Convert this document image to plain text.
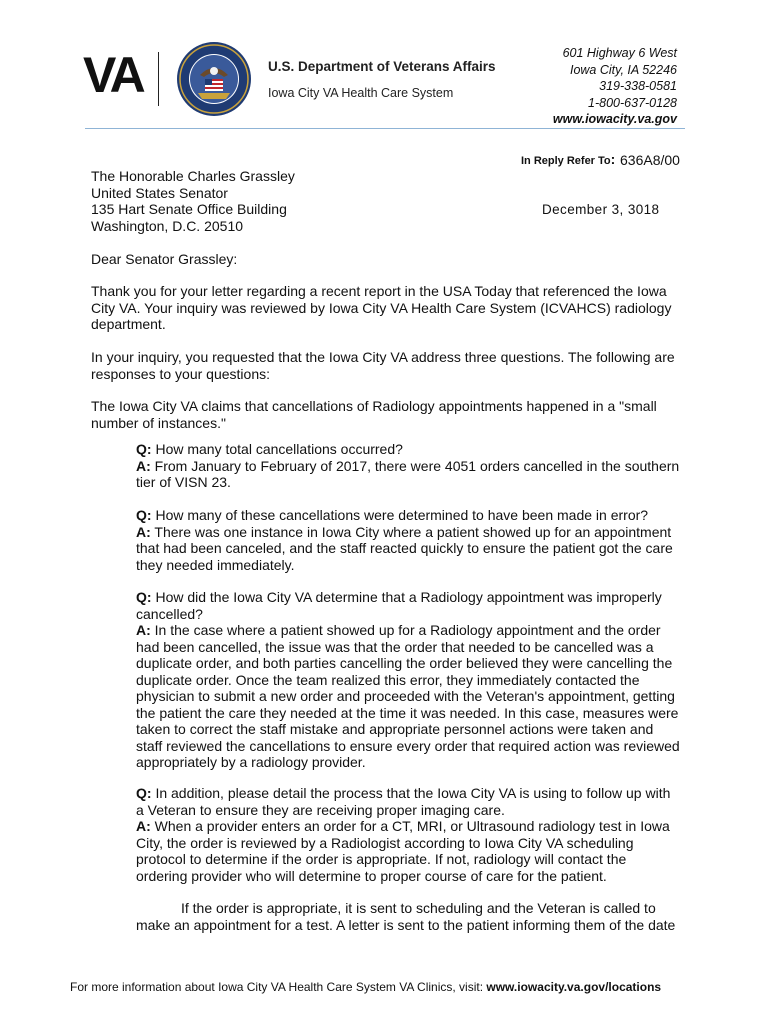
VA	U.S. Department of Veterans Affairs
Iowa City VA Health Care System
601 Highway 6 West
Iowa City, IA 52246
319-338-0581
1-800-637-0128
www.iowacity.va.gov
In Reply Refer To: 636A8/00
The Honorable Charles Grassley
United States Senator
135 Hart Senate Office Building
Washington, D.C. 20510
December 3, 3018
Dear Senator Grassley:
Thank you for your letter regarding a recent report in the USA Today that referenced the Iowa City VA. Your inquiry was reviewed by Iowa City VA Health Care System (ICVAHCS) radiology department.
In your inquiry, you requested that the Iowa City VA address three questions. The following are responses to your questions:
The Iowa City VA claims that cancellations of Radiology appointments happened in a "small number of instances."
Q: How many total cancellations occurred?
A: From January to February of 2017, there were 4051 orders cancelled in the southern tier of VISN 23.
Q: How many of these cancellations were determined to have been made in error?
A: There was one instance in Iowa City where a patient showed up for an appointment that had been canceled, and the staff reacted quickly to ensure the patient got the care they needed immediately.
Q: How did the Iowa City VA determine that a Radiology appointment was improperly cancelled?
A: In the case where a patient showed up for a Radiology appointment and the order had been cancelled, the issue was that the order that needed to be cancelled was a duplicate order, and both parties cancelling the order believed they were cancelling the duplicate order. Once the team realized this error, they immediately contacted the physician to submit a new order and proceeded with the Veteran's appointment, getting the patient the care they needed at the time it was needed. In this case, measures were taken to correct the staff mistake and appropriate personnel actions were taken and staff reviewed the cancellations to ensure every order that required action was reviewed appropriately by a radiology provider.
Q: In addition, please detail the process that the Iowa City VA is using to follow up with a Veteran to ensure they are receiving proper imaging care.
A: When a provider enters an order for a CT, MRI, or Ultrasound radiology test in Iowa City, the order is reviewed by a Radiologist according to Iowa City VA scheduling protocol to determine if the order is appropriate. If not, radiology will contact the ordering provider who will determine to proper course of care for the patient.
If the order is appropriate, it is sent to scheduling and the Veteran is called to make an appointment for a test. A letter is sent to the patient informing them of the date
For more information about Iowa City VA Health Care System VA Clinics, visit: www.iowacity.va.gov/locations
